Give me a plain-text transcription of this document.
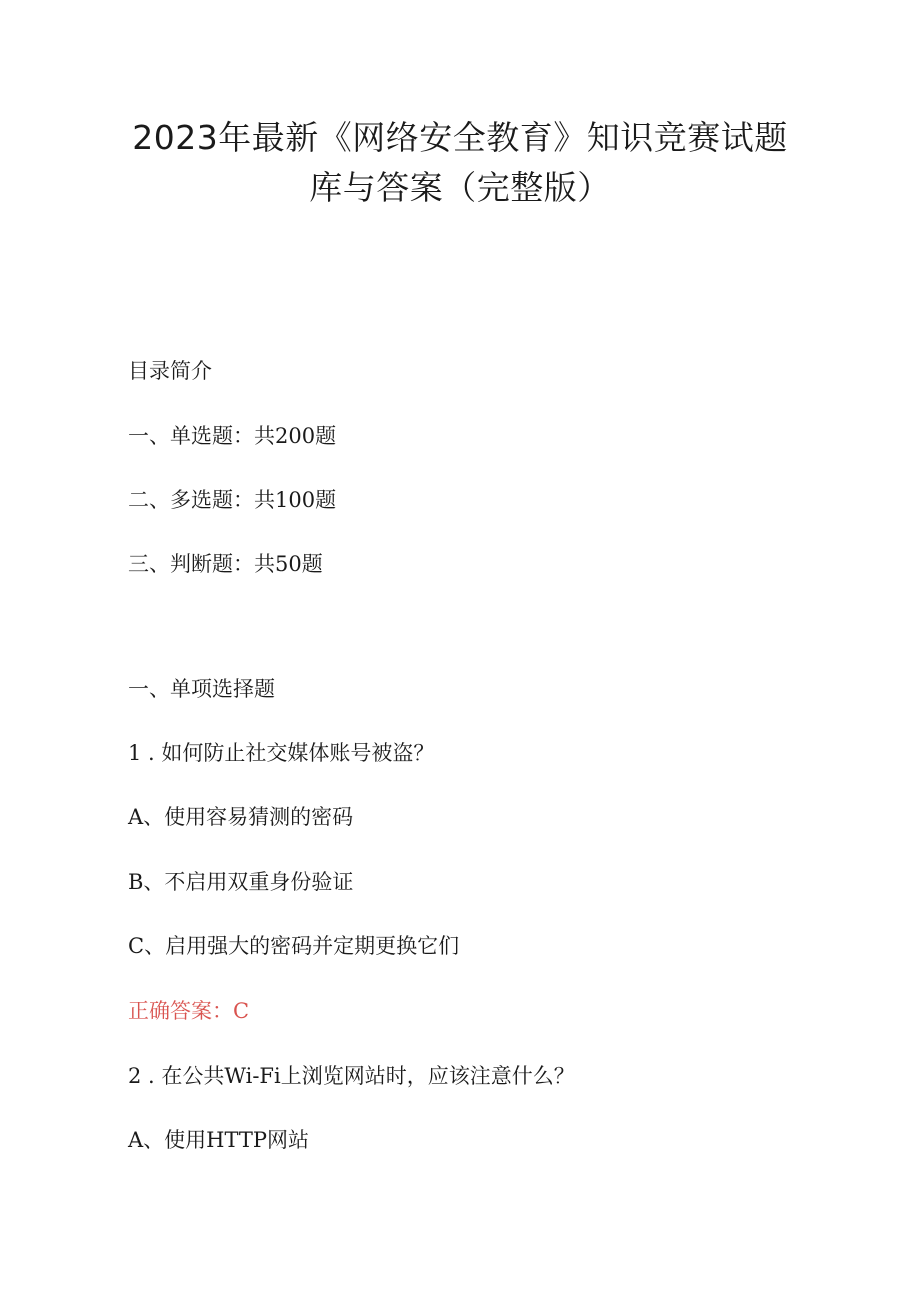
2023年最新《网络安全教育》知识竞赛试题
库与答案（完整版）

目录简介

一、单选题：共200题

二、多选题：共100题

三、判断题：共50题

一、单项选择题

1 . 如何防止社交媒体账号被盗？

A、使用容易猜测的密码

B、不启用双重身份验证

C、启用强大的密码并定期更换它们

正确答案：C

2 . 在公共Wi-Fi上浏览网站时，应该注意什么？

A、使用HTTP网站
